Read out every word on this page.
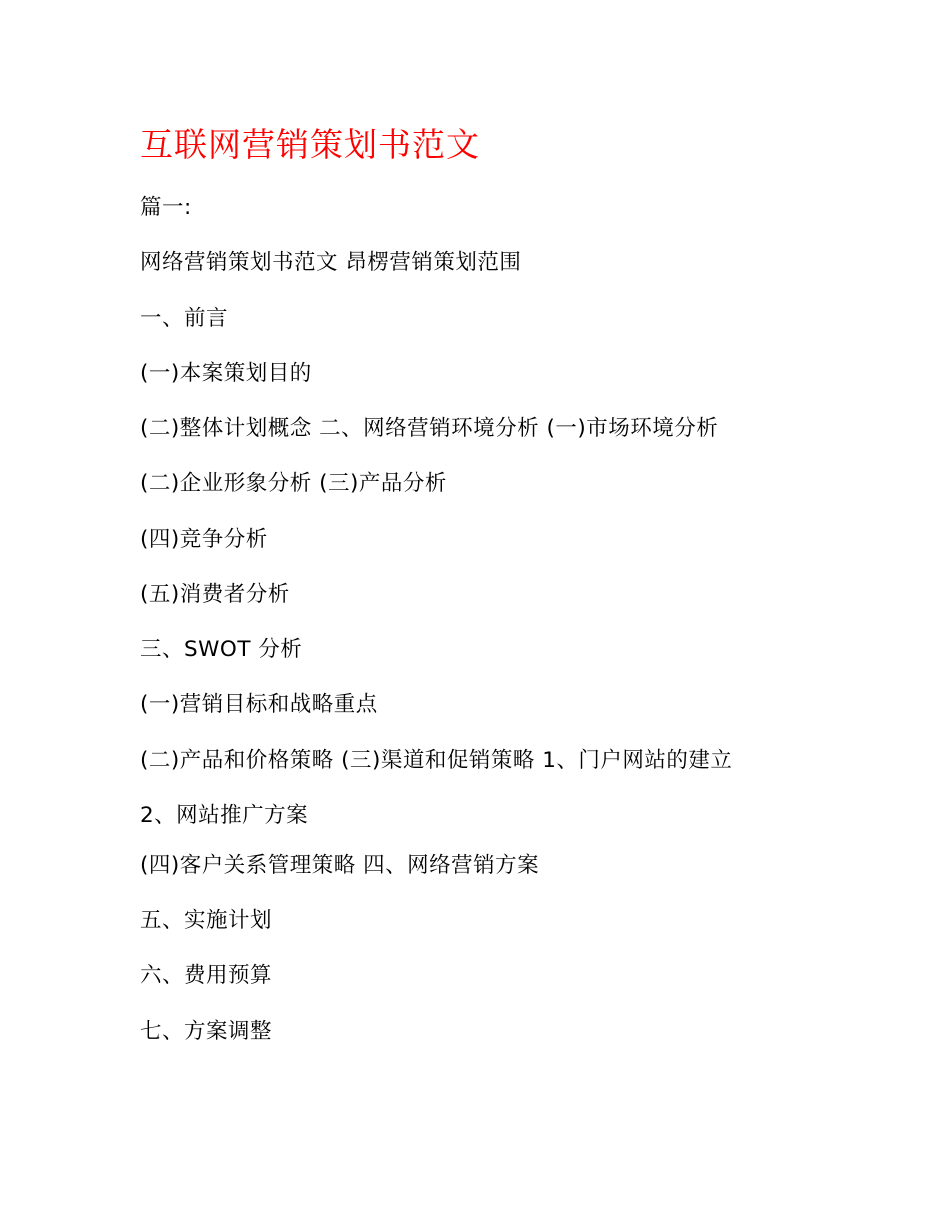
互联网营销策划书范文
篇一:
网络营销策划书范文 昂楞营销策划范围
一、前言
(一)本案策划目的
(二)整体计划概念 二、网络营销环境分析 (一)市场环境分析
(二)企业形象分析 (三)产品分析
(四)竞争分析
(五)消费者分析
三、SWOT 分析
(一)营销目标和战略重点
(二)产品和价格策略 (三)渠道和促销策略 1、门户网站的建立
2、网站推广方案
(四)客户关系管理策略 四、网络营销方案
五、实施计划
六、费用预算
七、方案调整
